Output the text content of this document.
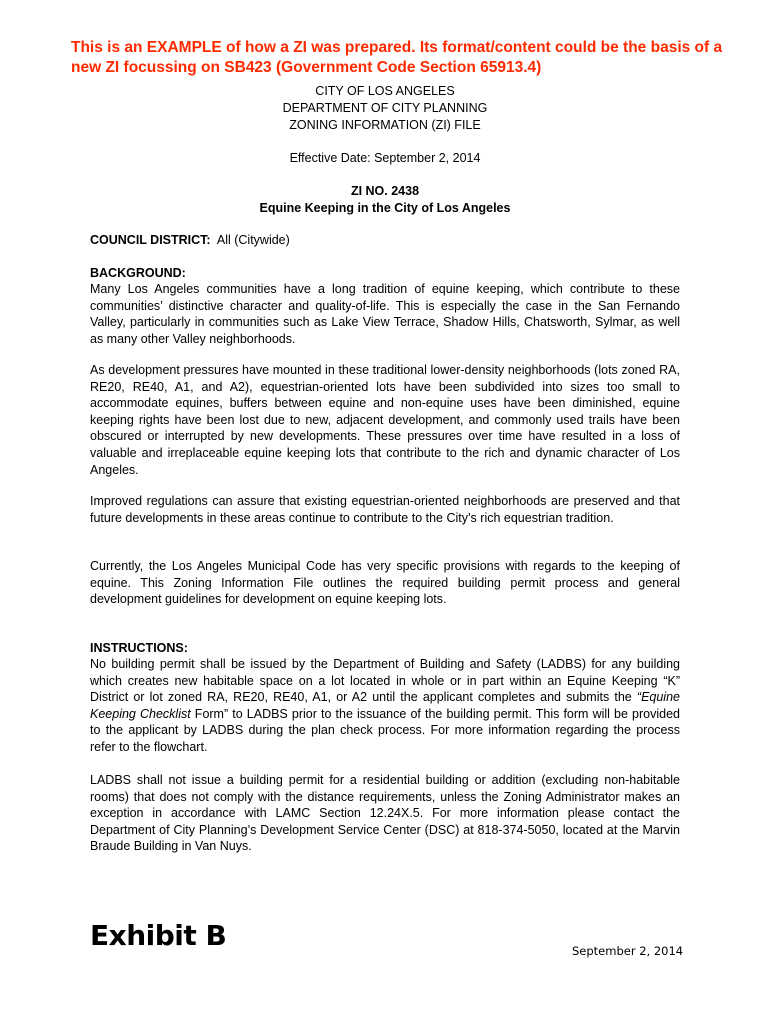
This is an EXAMPLE of how a ZI was prepared. Its format/content could be the basis of a new ZI focussing on SB423 (Government Code Section 65913.4)

CITY OF LOS ANGELES
DEPARTMENT OF CITY PLANNING
ZONING INFORMATION (ZI) FILE
Effective Date: September 2, 2014
ZI NO. 2438
Equine Keeping in the City of Los Angeles
COUNCIL DISTRICT: All (Citywide)
BACKGROUND:

Many Los Angeles communities have a long tradition of equine keeping, which contribute to these communities’ distinctive character and quality-of-life. This is especially the case in the San Fernando Valley, particularly in communities such as Lake View Terrace, Shadow Hills, Chatsworth, Sylmar, as well as many other Valley neighborhoods.

As development pressures have mounted in these traditional lower-density neighborhoods (lots zoned RA, RE20, RE40, A1, and A2), equestrian-oriented lots have been subdivided into sizes too small to accommodate equines, buffers between equine and non-equine uses have been diminished, equine keeping rights have been lost due to new, adjacent development, and commonly used trails have been obscured or interrupted by new developments. These pressures over time have resulted in a loss of valuable and irreplaceable equine keeping lots that contribute to the rich and dynamic character of Los Angeles.

Improved regulations can assure that existing equestrian-oriented neighborhoods are preserved and that future developments in these areas continue to contribute to the City’s rich equestrian tradition.

Currently, the Los Angeles Municipal Code has very specific provisions with regards to the keeping of equine. This Zoning Information File outlines the required building permit process and general development guidelines for development on equine keeping lots.

INSTRUCTIONS:

No building permit shall be issued by the Department of Building and Safety (LADBS) for any building which creates new habitable space on a lot located in whole or in part within an Equine Keeping “K” District or lot zoned RA, RE20, RE40, A1, or A2 until the applicant completes and submits the “Equine Keeping Checklist Form” to LADBS prior to the issuance of the building permit. This form will be provided to the applicant by LADBS during the plan check process. For more information regarding the process refer to the flowchart.

LADBS shall not issue a building permit for a residential building or addition (excluding non-habitable rooms) that does not comply with the distance requirements, unless the Zoning Administrator makes an exception in accordance with LAMC Section 12.24X.5. For more information please contact the Department of City Planning’s Development Service Center (DSC) at 818-374-5050, located at the Marvin Braude Building in Van Nuys.

Exhibit B	September 2, 2014
